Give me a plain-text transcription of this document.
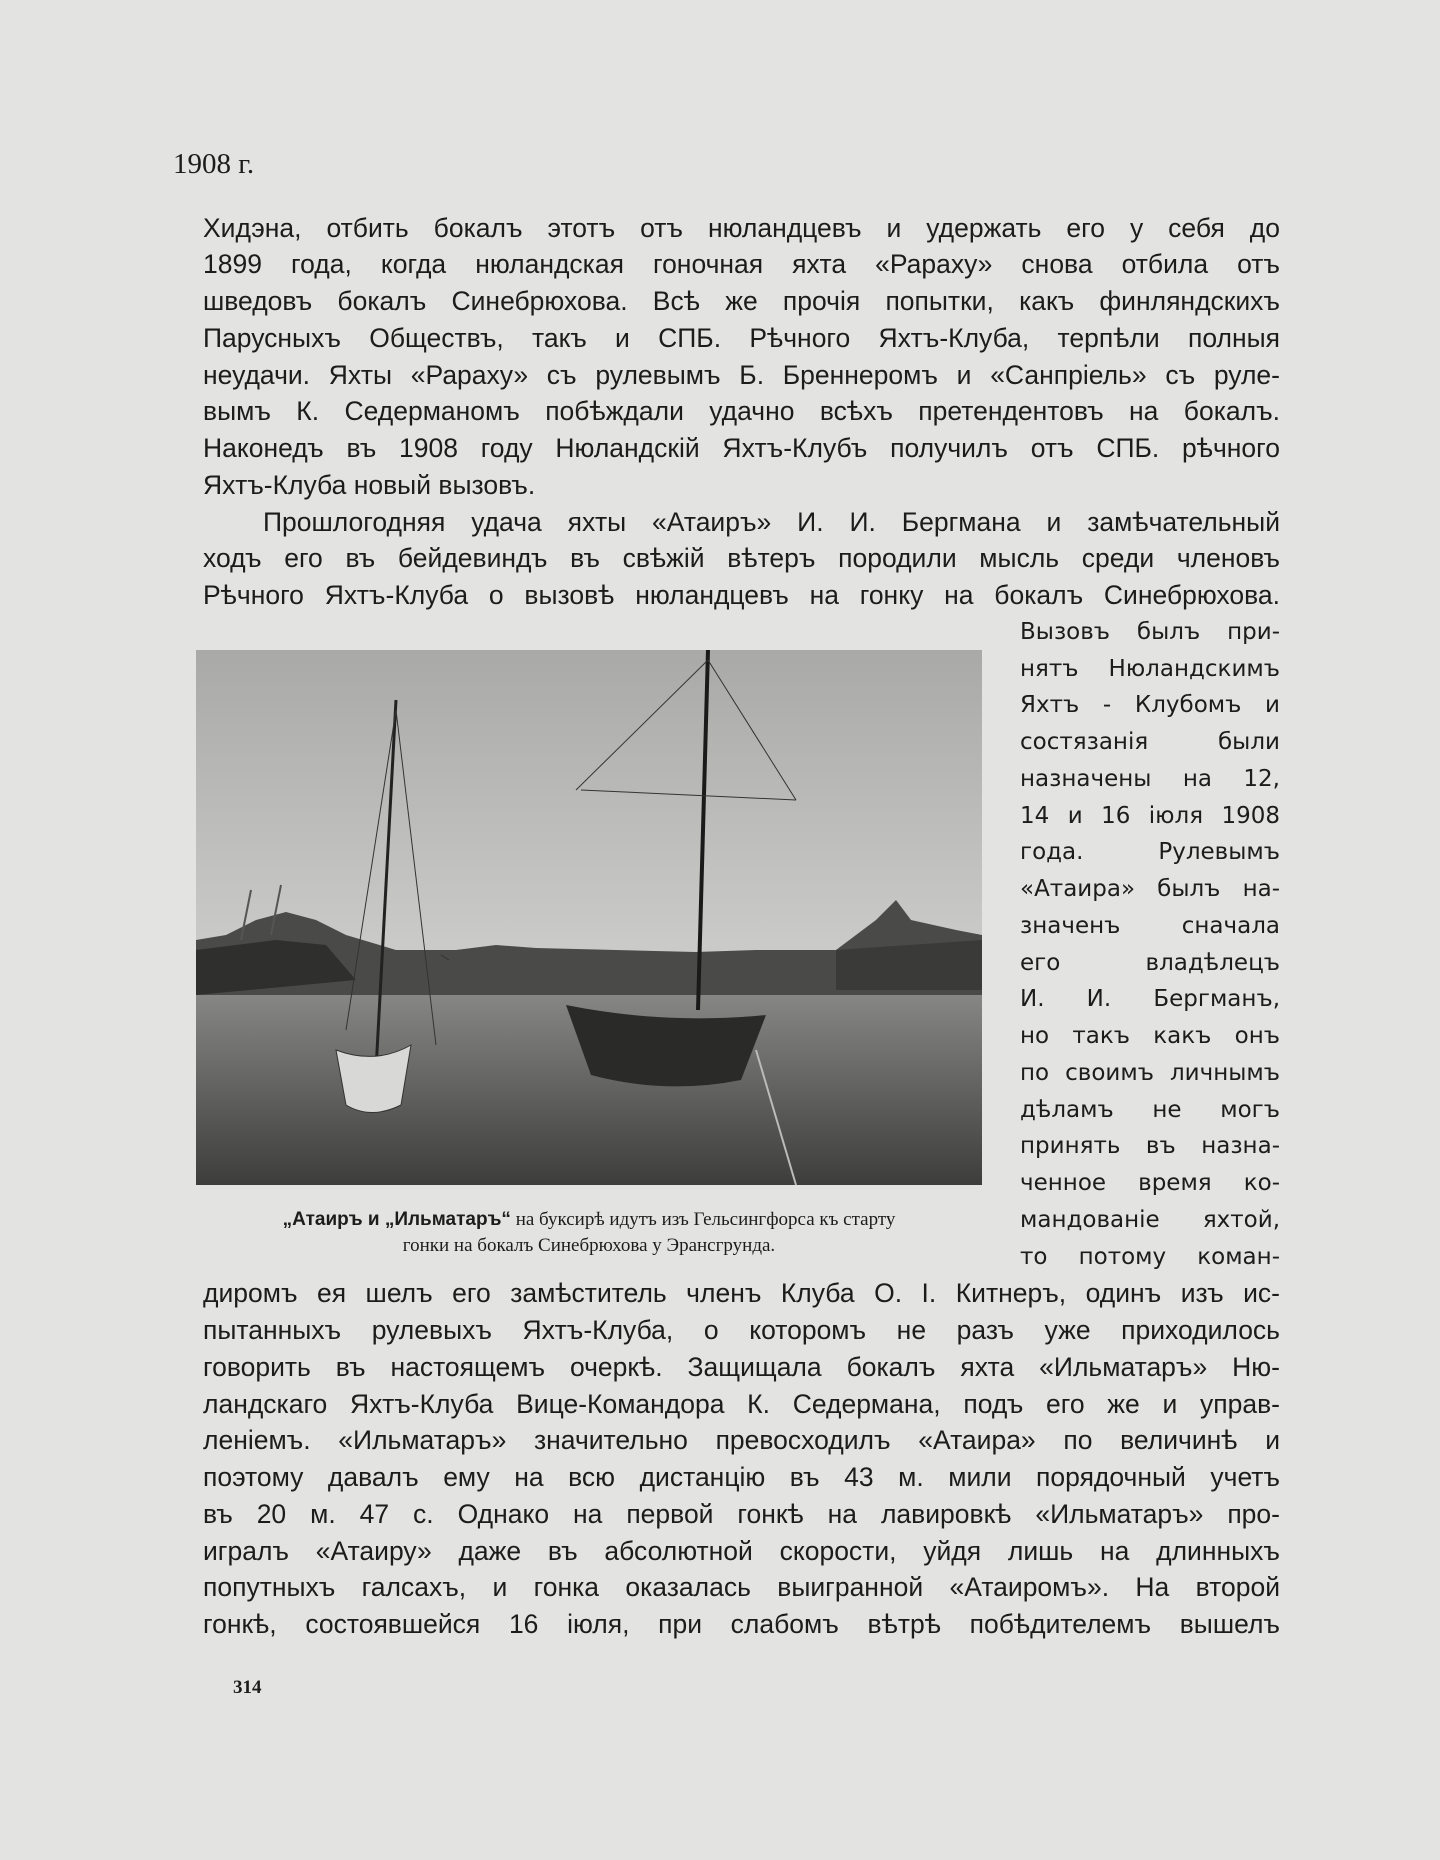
1908 г.
Хидэна, отбить бокалъ этотъ отъ нюландцевъ и удержать его у себя до
1899 года, когда нюландская гоночная яхта «Рараху» снова отбила отъ
шведовъ бокалъ Синебрюхова. Всѣ же прочія попытки, какъ финляндскихъ
Парусныхъ Обществъ, такъ и СПБ. Рѣчного Яхтъ-Клуба, терпѣли полныя
неудачи. Яхты «Рараху» съ рулевымъ Б. Бреннеромъ и «Санпріель» съ руле-
вымъ К. Седерманомъ побѣждали удачно всѣхъ претендентовъ на бокалъ.
Наконедъ въ 1908 году Нюландскій Яхтъ-Клубъ получилъ отъ СПБ. рѣчного
Яхтъ-Клуба новый вызовъ.
Прошлогодняя удача яхты «Атаиръ» И. И. Бергмана и замѣчательный
ходъ его въ бейдевиндъ въ свѣжій вѣтеръ породили мысль среди членовъ
Рѣчного Яхтъ-Клуба о вызовѣ нюландцевъ на гонку на бокалъ Синебрюхова.
Вызовъ былъ при-
нятъ Нюландскимъ
Яхтъ - Клубомъ и
состязанія были
назначены на 12,
14 и 16 іюля 1908
года. Рулевымъ
«Атаира» былъ на-
значенъ сначала
его владѣлецъ
И. И. Бергманъ,
но такъ какъ онъ
по своимъ личнымъ
дѣламъ не могъ
принять въ назна-
ченное время ко-
мандованіе яхтой,
то потому коман-
„Атаиръ и „Ильматаръ“ на буксирѣ идутъ изъ Гельсингфорса къ старту
гонки на бокалъ Синебрюхова у Эрансгрунда.
диромъ ея шелъ его замѣститель членъ Клуба О. І. Китнеръ, одинъ изъ ис-
пытанныхъ рулевыхъ Яхтъ-Клуба, о которомъ не разъ уже приходилось
говорить въ настоящемъ очеркѣ. Защищала бокалъ яхта «Ильматаръ» Ню-
ландскаго Яхтъ-Клуба Вице-Командора К. Седермана, подъ его же и управ-
леніемъ. «Ильматаръ» значительно превосходилъ «Атаира» по величинѣ и
поэтому давалъ ему на всю дистанцію въ 43 м. мили порядочный учетъ
въ 20 м. 47 с. Однако на первой гонкѣ на лавировкѣ «Ильматаръ» про-
игралъ «Атаиру» даже въ абсолютной скорости, уйдя лишь на длинныхъ
попутныхъ галсахъ, и гонка оказалась выигранной «Атаиромъ». На второй
гонкѣ, состоявшейся 16 іюля, при слабомъ вѣтрѣ побѣдителемъ вышелъ
314
